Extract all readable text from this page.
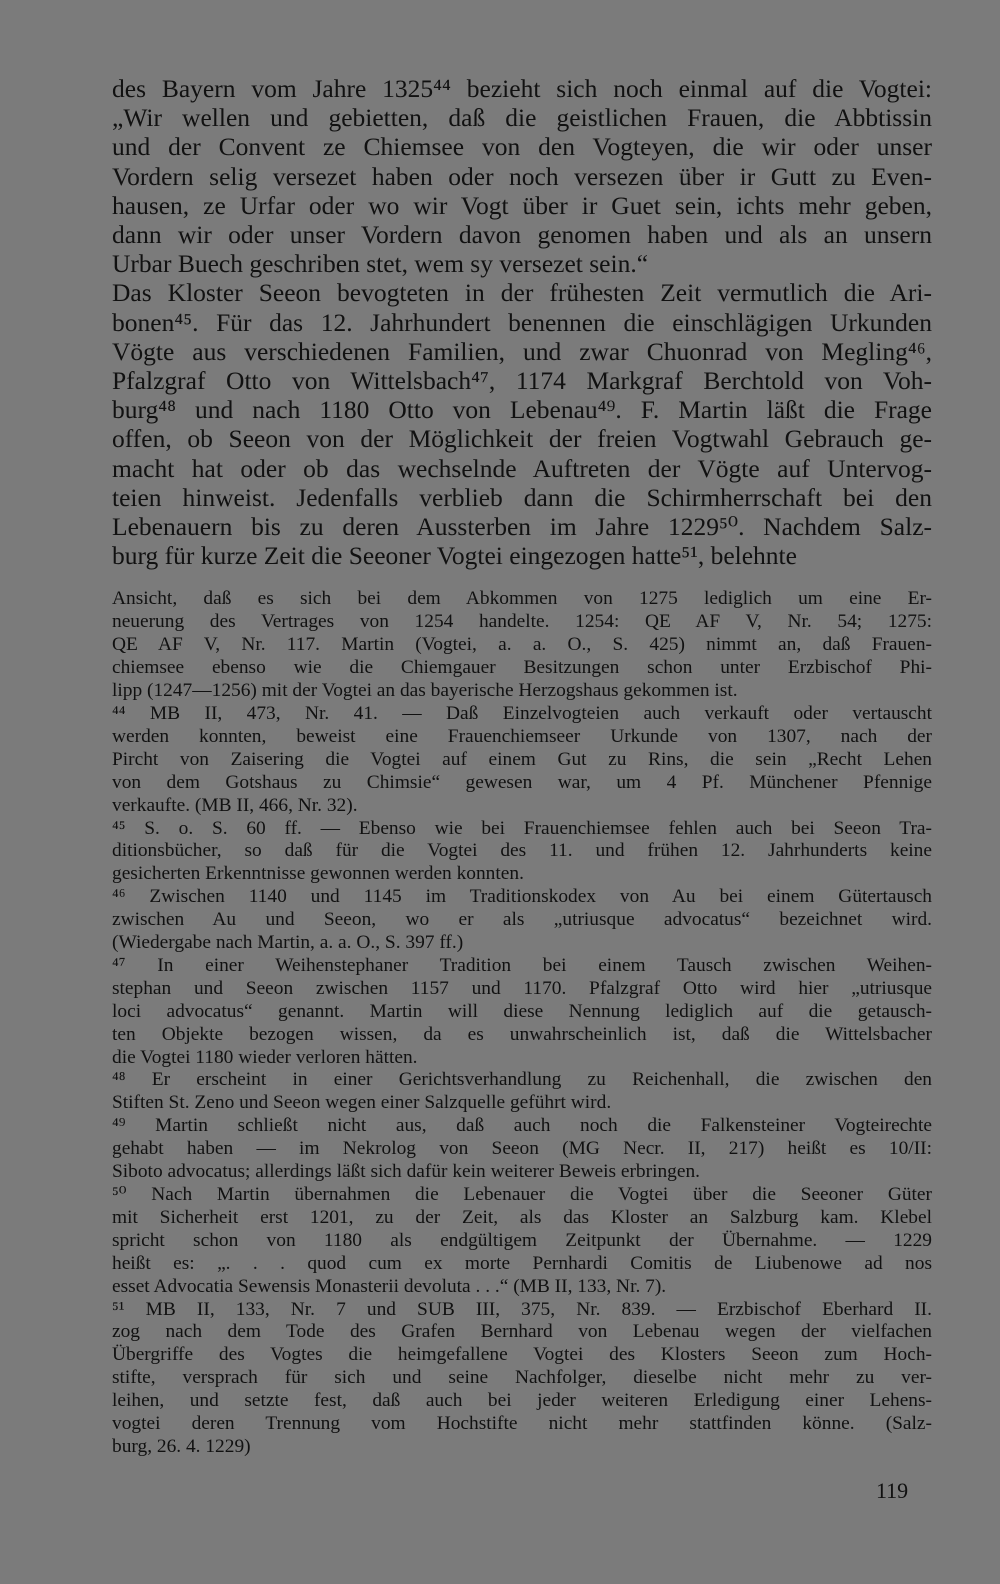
des Bayern vom Jahre 1325⁴⁴ bezieht sich noch einmal auf die Vogtei:
„Wir wellen und gebietten, daß die geistlichen Frauen, die Abbtissin
und der Convent ze Chiemsee von den Vogteyen, die wir oder unser
Vordern selig versezet haben oder noch versezen über ir Gutt zu Even-
hausen, ze Urfar oder wo wir Vogt über ir Guet sein, ichts mehr geben,
dann wir oder unser Vordern davon genomen haben und als an unsern
Urbar Buech geschriben stet, wem sy versezet sein.“
Das Kloster Seeon bevogteten in der frühesten Zeit vermutlich die Ari-
bonen⁴⁵. Für das 12. Jahrhundert benennen die einschlägigen Urkunden
Vögte aus verschiedenen Familien, und zwar Chuonrad von Megling⁴⁶,
Pfalzgraf Otto von Wittelsbach⁴⁷, 1174 Markgraf Berchtold von Voh-
burg⁴⁸ und nach 1180 Otto von Lebenau⁴⁹. F. Martin läßt die Frage
offen, ob Seeon von der Möglichkeit der freien Vogtwahl Gebrauch ge-
macht hat oder ob das wechselnde Auftreten der Vögte auf Untervog-
teien hinweist. Jedenfalls verblieb dann die Schirmherrschaft bei den
Lebenauern bis zu deren Aussterben im Jahre 1229⁵⁰. Nachdem Salz-
burg für kurze Zeit die Seeoner Vogtei eingezogen hatte⁵¹, belehnte
Ansicht, daß es sich bei dem Abkommen von 1275 lediglich um eine Er-
neuerung des Vertrages von 1254 handelte. 1254: QE AF V, Nr. 54; 1275:
QE AF V, Nr. 117. Martin (Vogtei, a. a. O., S. 425) nimmt an, daß Frauen-
chiemsee ebenso wie die Chiemgauer Besitzungen schon unter Erzbischof Phi-
lipp (1247—1256) mit der Vogtei an das bayerische Herzogshaus gekommen ist.
⁴⁴ MB II, 473, Nr. 41. — Daß Einzelvogteien auch verkauft oder vertauscht
werden konnten, beweist eine Frauenchiemseer Urkunde von 1307, nach der
Pircht von Zaisering die Vogtei auf einem Gut zu Rins, die sein „Recht Lehen
von dem Gotshaus zu Chimsie“ gewesen war, um 4 Pf. Münchener Pfennige
verkaufte. (MB II, 466, Nr. 32).
⁴⁵ S. o. S. 60 ff. — Ebenso wie bei Frauenchiemsee fehlen auch bei Seeon Tra-
ditionsbücher, so daß für die Vogtei des 11. und frühen 12. Jahrhunderts keine
gesicherten Erkenntnisse gewonnen werden konnten.
⁴⁶ Zwischen 1140 und 1145 im Traditionskodex von Au bei einem Gütertausch
zwischen Au und Seeon, wo er als „utriusque advocatus“ bezeichnet wird.
(Wiedergabe nach Martin, a. a. O., S. 397 ff.)
⁴⁷ In einer Weihenstephaner Tradition bei einem Tausch zwischen Weihen-
stephan und Seeon zwischen 1157 und 1170. Pfalzgraf Otto wird hier „utriusque
loci advocatus“ genannt. Martin will diese Nennung lediglich auf die getausch-
ten Objekte bezogen wissen, da es unwahrscheinlich ist, daß die Wittelsbacher
die Vogtei 1180 wieder verloren hätten.
⁴⁸ Er erscheint in einer Gerichtsverhandlung zu Reichenhall, die zwischen den
Stiften St. Zeno und Seeon wegen einer Salzquelle geführt wird.
⁴⁹ Martin schließt nicht aus, daß auch noch die Falkensteiner Vogteirechte
gehabt haben — im Nekrolog von Seeon (MG Necr. II, 217) heißt es 10/II:
Siboto advocatus; allerdings läßt sich dafür kein weiterer Beweis erbringen.
⁵⁰ Nach Martin übernahmen die Lebenauer die Vogtei über die Seeoner Güter
mit Sicherheit erst 1201, zu der Zeit, als das Kloster an Salzburg kam. Klebel
spricht schon von 1180 als endgültigem Zeitpunkt der Übernahme. — 1229
heißt es: „. . . quod cum ex morte Pernhardi Comitis de Liubenowe ad nos
esset Advocatia Sewensis Monasterii devoluta . . .“ (MB II, 133, Nr. 7).
⁵¹ MB II, 133, Nr. 7 und SUB III, 375, Nr. 839. — Erzbischof Eberhard II.
zog nach dem Tode des Grafen Bernhard von Lebenau wegen der vielfachen
Übergriffe des Vogtes die heimgefallene Vogtei des Klosters Seeon zum Hoch-
stifte, versprach für sich und seine Nachfolger, dieselbe nicht mehr zu ver-
leihen, und setzte fest, daß auch bei jeder weiteren Erledigung einer Lehens-
vogtei deren Trennung vom Hochstifte nicht mehr stattfinden könne. (Salz-
burg, 26. 4. 1229)
119
